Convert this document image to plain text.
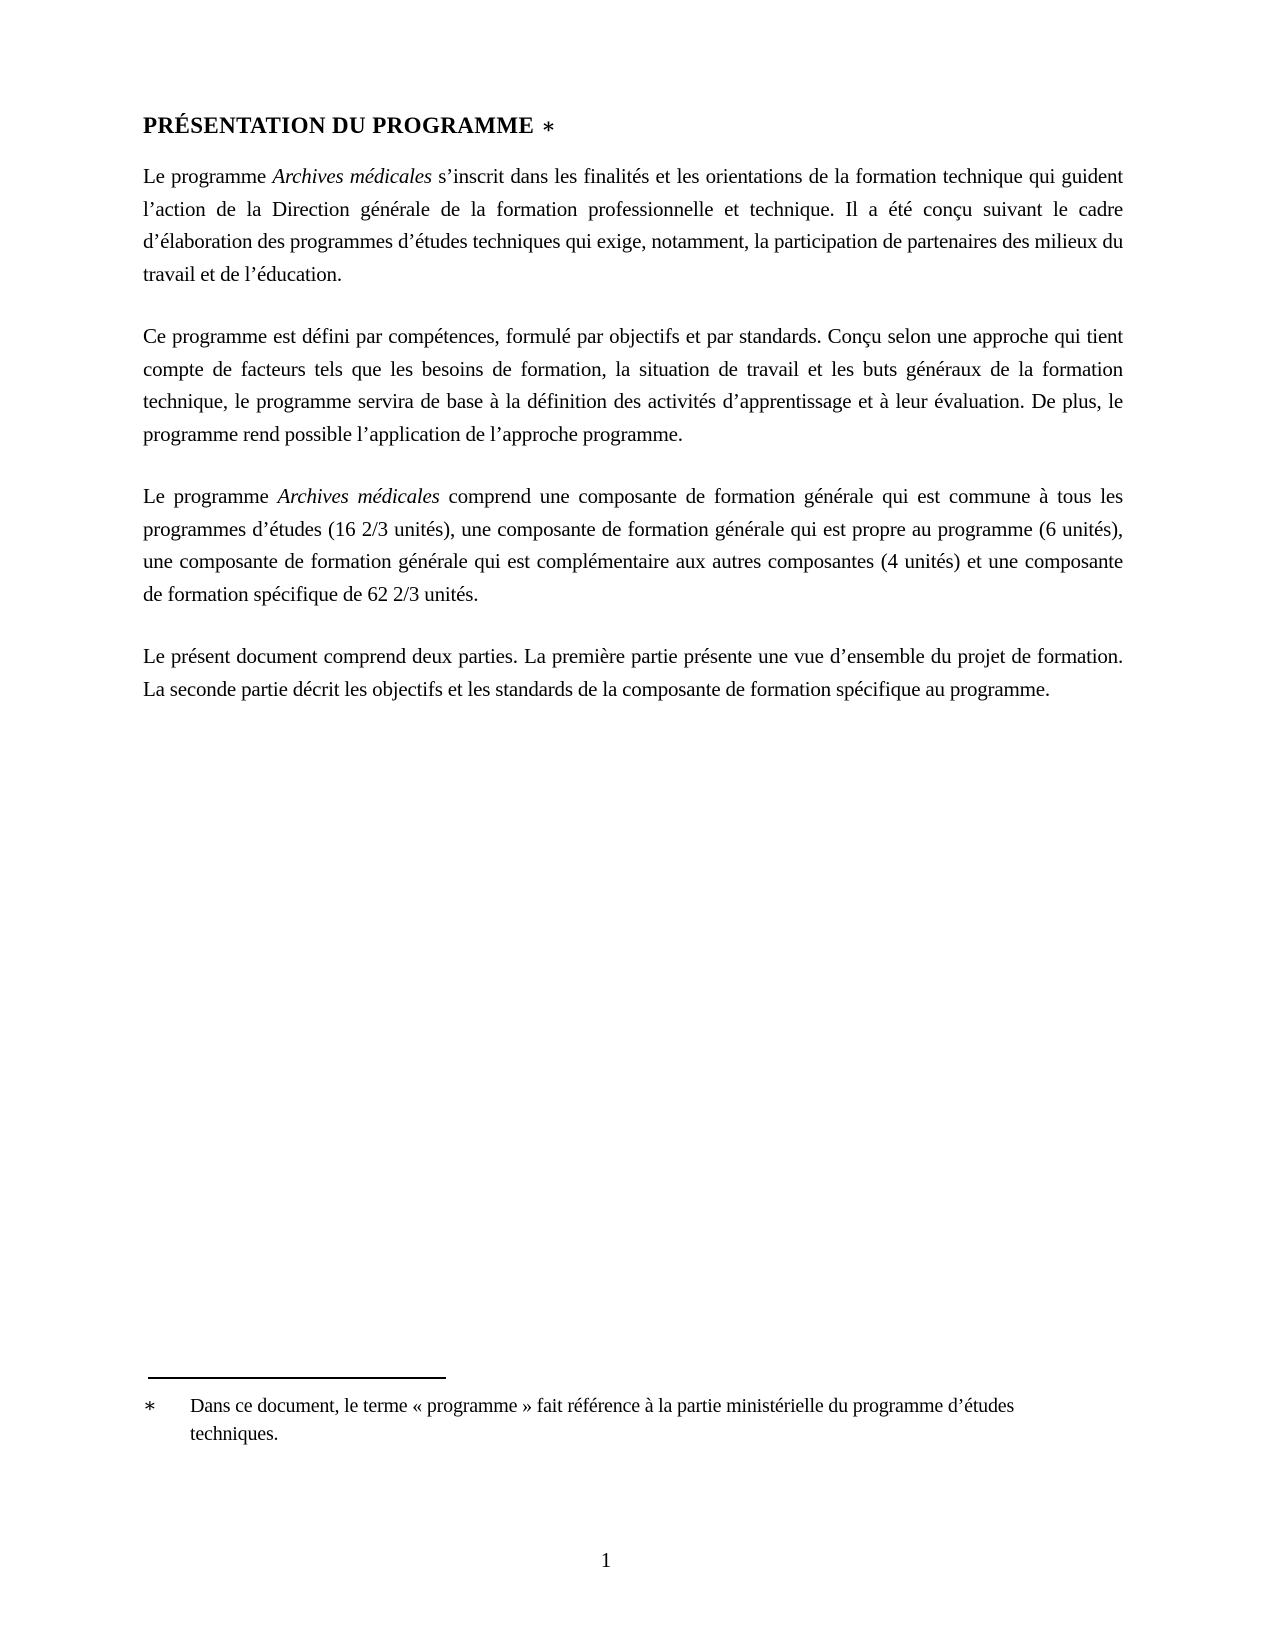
PRÉSENTATION DU PROGRAMME ∗

Le programme Archives médicales s’inscrit dans les finalités et les orientations de la formation technique qui guident l’action de la Direction générale de la formation professionnelle et technique. Il a été conçu suivant le cadre d’élaboration des programmes d’études techniques qui exige, notamment, la participation de partenaires des milieux du travail et de l’éducation.

Ce programme est défini par compétences, formulé par objectifs et par standards. Conçu selon une approche qui tient compte de facteurs tels que les besoins de formation, la situation de travail et les buts généraux de la formation technique, le programme servira de base à la définition des activités d’apprentissage et à leur évaluation. De plus, le programme rend possible l’application de l’approche programme.

Le programme Archives médicales comprend une composante de formation générale qui est commune à tous les programmes d’études (16 2/3 unités), une composante de formation générale qui est propre au programme (6 unités), une composante de formation générale qui est complémentaire aux autres composantes (4 unités) et une composante de formation spécifique de 62 2/3 unités.

Le présent document comprend deux parties. La première partie présente une vue d’ensemble du projet de formation. La seconde partie décrit les objectifs et les standards de la composante de formation spécifique au programme.

∗	Dans ce document, le terme « programme » fait référence à la partie ministérielle du programme d’études techniques.
1
